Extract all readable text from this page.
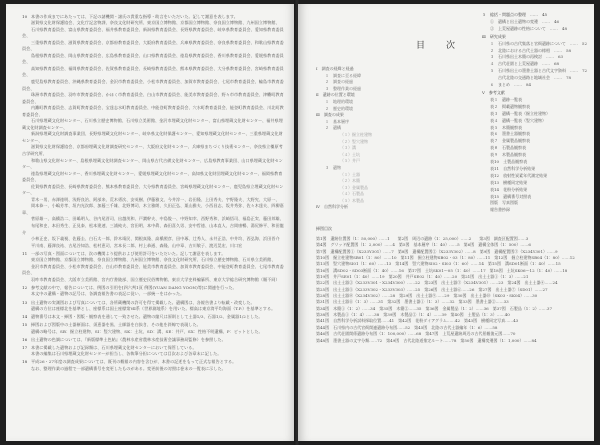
10 本書の作成までにあたっては、下記の諸機関・諸氏の貴重な指導・助言をいただいた。記して謝意を表します。

滋賀県文化財保護協会、文化庁記念物課、奈良文化財研究所、東京国立博物館、京都国立博物館、奈良国立博物館、九州国立博物館、

石川県教育委員会、富山県教育委員会、福井県教育委員会、新潟県教育委員会、長野県教育委員会、岐阜県教育委員会、愛知県教育委員会、

三重県教育委員会、滋賀県教育委員会、京都府教育委員会、大阪府教育委員会、兵庫県教育委員会、奈良県教育委員会、和歌山県教育委員会、

島根県教育委員会、岡山県教育委員会、広島県教育委員会、山口県教育委員会、徳島県教育委員会、香川県教育委員会、愛媛県教育委員会、

高知県教育委員会、福岡県教育委員会、佐賀県教育委員会、長崎県教育委員会、熊本県教育委員会、大分県教育委員会、宮崎県教育委員会、

鹿児島県教育委員会、沖縄県教育委員会、金沢市教育委員会、小松市教育委員会、加賀市教育委員会、七尾市教育委員会、輪島市教育委員会、

珠洲市教育委員会、羽咋市教育委員会、かほく市教育委員会、白山市教育委員会、能美市教育委員会、野々市市教育委員会、津幡町教育委員会、

内灘町教育委員会、志賀町教育委員会、宝達志水町教育委員会、中能登町教育委員会、穴水町教育委員会、能登町教育委員会、川北町教育委員会、

石川県埋蔵文化財センター、石川県立歴史博物館、石川県立美術館、金沢市埋蔵文化財センター、富山県埋蔵文化財センター、福井県埋蔵文化財調査センター、

新潟県埋蔵文化財調査事業団、長野県埋蔵文化財センター、岐阜県文化財保護センター、愛知県埋蔵文化財センター、三重県埋蔵文化財センター、

滋賀県文化財保護協会、京都府埋蔵文化財調査研究センター、大阪府文化財センター、兵庫県まちづくり技術センター、奈良県立橿原考古学研究所、

和歌山県文化財センター、島根県埋蔵文化財調査センター、岡山県古代吉備文化財センター、広島県教育事業団、山口県埋蔵文化財センター、

徳島県埋蔵文化財センター、香川県埋蔵文化財センター、愛媛県埋蔵文化財センター、高知県文化財団埋蔵文化財センター、福岡県教育委員会、

佐賀県教育委員会、長崎県教育委員会、熊本県教育委員会、大分県教育委員会、宮崎県埋蔵文化財センター、鹿児島県立埋蔵文化財センター、

青木一男、赤澤徳明、浅野良治、阿部来、荒木勇次、安英樹、伊藤雅文、今井淳一、岩田隆、上田秀夫、宇野隆夫、大野究、大原一、

岡本恭一、小嶋芳孝、垣内光次郎、加藤三千雄、北野博司、木立雅朗、久田正弘、栗山雅夫、小西昌志、坂井秀弥、佐々木達夫、四柳嘉章、

菅原雄一、高橋浩二、田嶋明人、谷内尾晋司、出越茂和、戸澗幹夫、中島俊一、中野知幸、西野秀和、浜崎悟司、福島正実、藤田邦雄、

布尾和史、本田秀生、正見泰、松本建速、三浦純夫、宮田明、本中眞、森田喜久男、安中哲徳、山本直人、吉岡康暢、湯尻修平、和田龍介

小林正史、坂下義視、佐藤圭、白石太一郎、鈴木靖民、関根真隆、高橋照彦、田中琢、辻秀人、永井正浩、中井均、西弘海、浜田晋介

平川南、藤澤良祐、古尾谷知浩、松村恵司、宮本長二郎、村上恭通、森隆、山中章、吉川敏子、渡辺晃宏、川口宏

11 一部の写真・図面については、次の機関より提供および使用許可をいただいた。記して謝意を表します。

東京国立博物館、京都国立博物館、奈良国立博物館、九州国立博物館、奈良文化財研究所、石川県立歴史博物館、石川県立美術館、

金沢市教育委員会、小松市教育委員会、白山市教育委員会、能美市教育委員会、加賀市教育委員会、中能登町教育委員会、七尾市教育委員会、

羽咋市教育委員会、大阪市立美術館、宮内庁書陵部、国立歴史民俗博物館、東京大学史料編纂所、東京大学総合研究博物館（順不同）

12 参考文献の中で、報告については、例図の引用を[四六判1頁 例図(YUAN DANG YOON)等]に関連を行った。

本文中の遺構・遺物の記号は、各調査報告書の表記に従い、一部統一をはかった。

13 出土遺物の実測図および写真については、各所蔵機関の許可を得て掲載した。遺構図は、各報告書より転載・改変した。

遺構の方位は座標北を基準とし、座標系は国土座標第Ⅶ系（世界測地系）を用いた。標高は東京湾平均海面（T.P.）を基準とする。

14 遺物番号は本文・挿図・図版・観察表を通して一致させた。遺物の縮尺は原則として土器1/3、石器1/2、金属器1/2とした。

15 挿図および図版中の土器断面は、須恵器を黒、土師器を白抜き、その他を斜線で表現した。

遺構の略号は、SB：掘立柱建物、SI：竪穴建物、SK：土坑、SD：溝、SE：井戸、SX：性格不明遺構、P：ピットとした。

16 出土遺物の色調については、『新版標準土色帖』（農林水産省農林水産技術会議事務局監修）を参照した。

17 本書に掲載した遺物および記録類は、石川県埋蔵文化財センターにおいて保管している。

本書の編集は石川県埋蔵文化財センターが担当し、各執筆分担については目次および各章末に記した。

18 平成26・27年度の調査成果については、既刊の概報の内容を含むが、本書の記述をもって正式な報告とする。

なお、整理作業の過程で一部遺構番号を変更したものがある。変更前後の対照は巻末の一覧表に示した。

目　次
５　総括・問題点の整理　……　45
①　遺構と出土遺物の変遷　……　46
②　上荒屋遺跡の性格について　……　48
Ⅲ　研究成果
１　石川県の古代集落と官衙遺跡について　……　52
２　北陸における古代土器の様相　……　58
３　石川県出土木簡の再検討　……　63
４　古代荘園と上荒屋遺跡　……　68
５　石川県出土の墨書土器と古代文字資料　……　72
　　古代北陸の交通路と地域社会　……　78
６　まとめ　……　84
Ⅴ　参考文献
表１　遺跡一覧表
表２　掲載遺物観察表
表３　遺構一覧表（掘立柱建物）
表４　遺構一覧表（竪穴建物）
表５　木簡観察表
表６　墨書土器観察表
表７　金属製品観察表
表８　石製品観察表
表９　木製品観察表
表10　土製品観察表
表11　自然科学分析結果
表12　放射性炭素年代測定結果
表13　樹種同定結果
表14　花粉分析結果
表15　遺構番号対照表
図版　写真図版
報告書抄録
Ⅰ　調査の経緯と経過
１　調査に至る経緯
２　調査の経過
３　整理作業の経過
Ⅱ　遺跡の位置と環境
１　地理的環境
２　歴史的環境
Ⅲ　調査の成果
１　基本層序
２　遺構
（１）掘立柱建物
（２）竪穴建物
（３）溝
（４）土坑
（５）井戸
３　遺物
（１）土器
（２）木簡
（３）金属製品
（４）石製品
（５）木製品
Ⅳ　自然科学分析
挿図目次
第1図　遺跡位置図（1：50,000）……1　　第2図　周辺の遺跡（1：25,000）……2　　第3図　調査区配置図……3
第4図　グリッド配置図（1：2,000）……4　第5図　基本層序（1：40）……5　第6図　遺構全体図（1：500）……6
第7図　遺構配置図①（X233Y301）……7　第8図　遺構配置図②（X233Y302）……8　第9図　遺構配置図③（X234Y301）……9
第10図　掘立柱建物SB01（1：80）……10　第11図　掘立柱建物SB02・03（1：80）……11　第12図　掘立柱建物SB04（1：80）……12
第13図　竪穴建物SI01（1：60）……13　第14図　竪穴建物SI02・SI03（1：60）……14　第15図　溝SD01断面（1：40）……15
第16図　溝SD02・SD03断面（1：40）……16　第17図　土坑SK01～05（1：40）……17　第18図　土坑SK06～12（1：40）……18
第19図　井戸SE01（1：40）……19　第20図　井戸SE02（1：40）……20　第21図　出土土器①（1：3）……21
第22図　出土土器②（X233V301・X234V300）……22　第23図　出土土器③（X234V301）……23　第24図　出土土器④……24
第25図　出土土器⑤（X233V302・X233V303）……25　第26図　出土土器⑥……26　第27図　出土土器⑦（SD01）……27
第28図　出土土器⑧（X234V302）……28　第29図　出土土器⑨……29　第30図　出土土器⑩（SK03・SK04）……30
第31図　出土土器⑪（1：3）……31　第32図　墨書土器①（1：3）……32　第33図　墨書土器②……33
第34図　木簡①（1：2）……34　第35図　木簡②……35　第36図　金属製品（1：2）……36　第37図　石製品（1：2）……37
第38図　木製品①（1：4）……38　第39図　木製品②（1：4）……39　第40図　土製品（1：3）……40
第41図　自然科学分析試料採取位置……41　第42図　花粉ダイアグラム……42　第43図　樹種同定写真……43
第44図　石川県内の古代官衙関連遺跡分布図……52　第45図　北陸の古代土器編年（1：6）……58
第46図　古代荘園関係遺跡分布図（1：100,000）……68　第47図　上荒屋遺跡周辺の古代景観復元図……70
第48図　墨書土器の文字分類……72　第49図　古代北陸道推定ルート……78　第50図　遺構変遷図（1：1,000）……84
